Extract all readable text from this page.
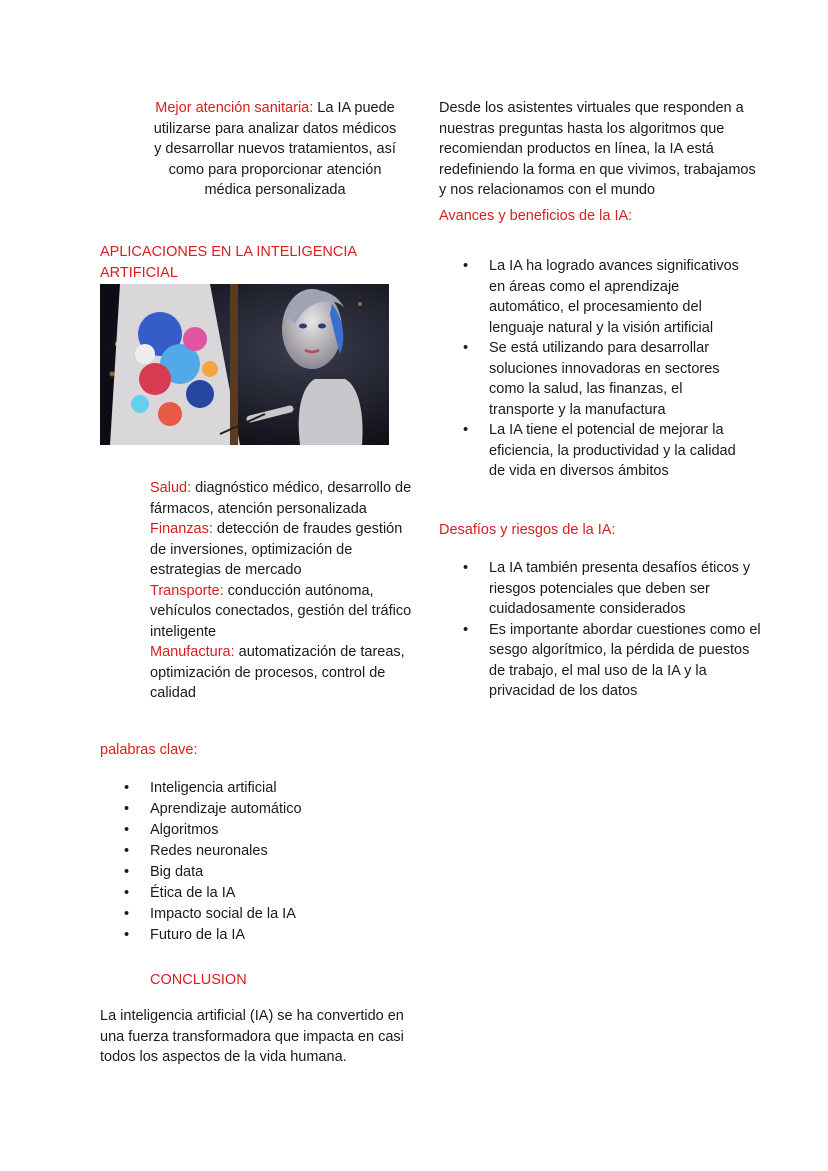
Mejor atención sanitaria: La IA puede
utilizarse para analizar datos médicos
y desarrollar nuevos tratamientos, así
como para proporcionar atención
médica personalizada
APLICACIONES EN LA INTELIGENCIA
ARTIFICIAL
Salud: diagnóstico médico, desarrollo de fármacos, atención personalizada
Finanzas: detección de fraudes gestión de inversiones, optimización de estrategias de mercado
Transporte: conducción autónoma, vehículos conectados, gestión del tráfico inteligente
Manufactura: automatización de tareas, optimización de procesos, control de calidad
palabras clave:
• Inteligencia artificial
• Aprendizaje automático
• Algoritmos
• Redes neuronales
• Big data
• Ética de la IA
• Impacto social de la IA
• Futuro de la IA
CONCLUSION
La inteligencia artificial (IA) se ha convertido en una fuerza transformadora que impacta en casi todos los aspectos de la vida humana.
Desde los asistentes virtuales que responden a nuestras preguntas hasta los algoritmos que recomiendan productos en línea, la IA está redefiniendo la forma en que vivimos, trabajamos y nos relacionamos con el mundo
Avances y beneficios de la IA:
• La IA ha logrado avances significativos en áreas como el aprendizaje automático, el procesamiento del lenguaje natural y la visión artificial
• Se está utilizando para desarrollar soluciones innovadoras en sectores como la salud, las finanzas, el transporte y la manufactura
• La IA tiene el potencial de mejorar la eficiencia, la productividad y la calidad de vida en diversos ámbitos
Desafíos y riesgos de la IA:
• La IA también presenta desafíos éticos y riesgos potenciales que deben ser cuidadosamente considerados
• Es importante abordar cuestiones como el sesgo algorítmico, la pérdida de puestos de trabajo, el mal uso de la IA y la privacidad de los datos
